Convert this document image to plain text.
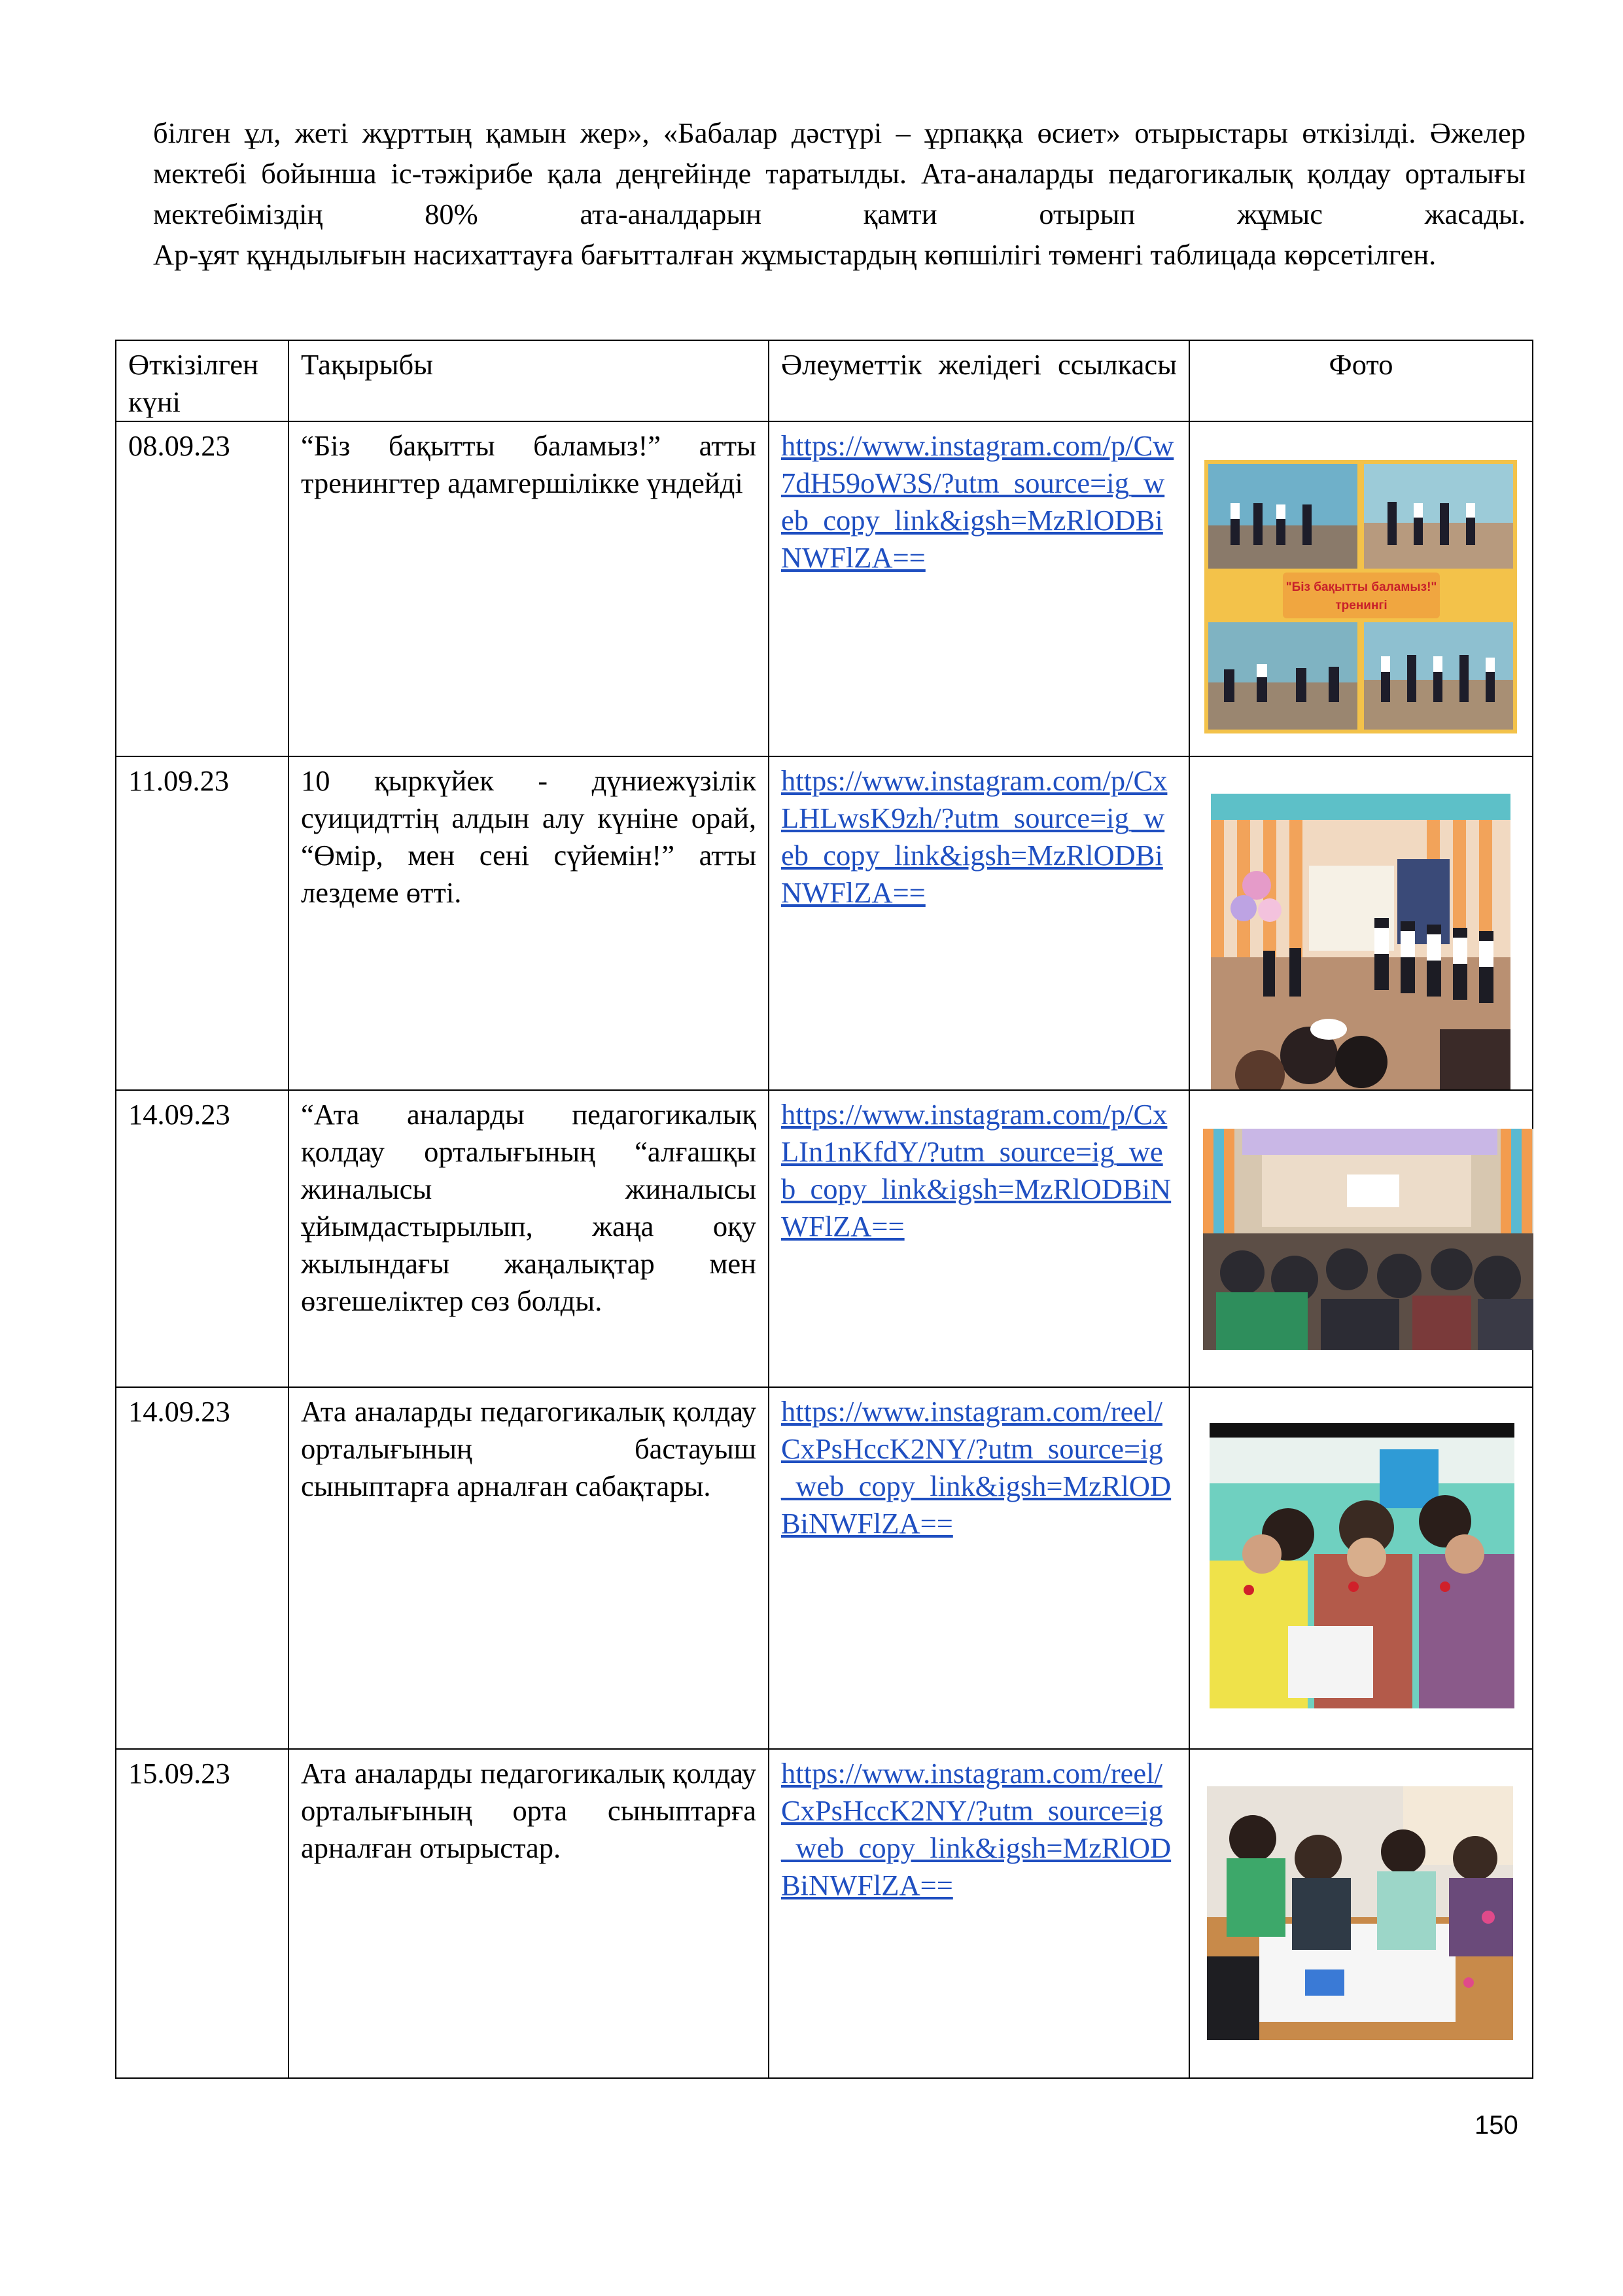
білген ұл, жеті жұрттың қамын жер», «Бабалар дәстүрі – ұрпаққа өсиет» отырыстары өткізілді. Әжелер мектебі бойынша іс-тәжірибе қала деңгейінде таратылды. Ата-аналарды педагогикалық қолдау орталығы мектебіміздің 80% ата-аналдарын қамти отырып жұмыс жасады.

Ар-ұят құндылығын насихаттауға бағытталған жұмыстардың көпшілігі төменгі таблицада көрсетілген.

Өткізілген күні	Тақырыбы	Әлеуметтік желідегі ссылкасы	Фото
08.09.23	“Біз бақытты баламыз!” атты тренингтер адамгершілікке үндейді	https://www.instagram.com/p/Cw7dH59oW3S/?utm_source=ig_web_copy_link&igsh=MzRlODBiNWFlZA==	"Біз бақытты баламыз!"
тренингі

11.09.23	10 қыркүйек - дүниежүзілік суицидттің алдын алу күніне орай, “Өмір, мен сені сүйемін!” атты лездеме өтті.	https://www.instagram.com/p/CxLHLwsK9zh/?utm_source=ig_web_copy_link&igsh=MzRlODBiNWFlZA==	

14.09.23	“Ата аналарды педагогикалық қолдау орталығының “алғашқы жиналысы жиналысы ұйымдастырылып, жаңа оқу жылындағы жаңалықтар мен өзгешеліктер сөз болды.	https://www.instagram.com/p/CxLIn1nKfdY/?utm_source=ig_web_copy_link&igsh=MzRlODBiNWFlZA==	

14.09.23	Ата аналарды педагогикалық қолдау орталығының бастауыш сыныптарға арналған сабақтары.	https://www.instagram.com/reel/CxPsHccK2NY/?utm_source=ig_web_copy_link&igsh=MzRlODBiNWFlZA==	

15.09.23	Ата аналарды педагогикалық қолдау орталығының орта сыныптарға арналған отырыстар.	https://www.instagram.com/reel/CxPsHccK2NY/?utm_source=ig_web_copy_link&igsh=MzRlODBiNWFlZA==	
150
